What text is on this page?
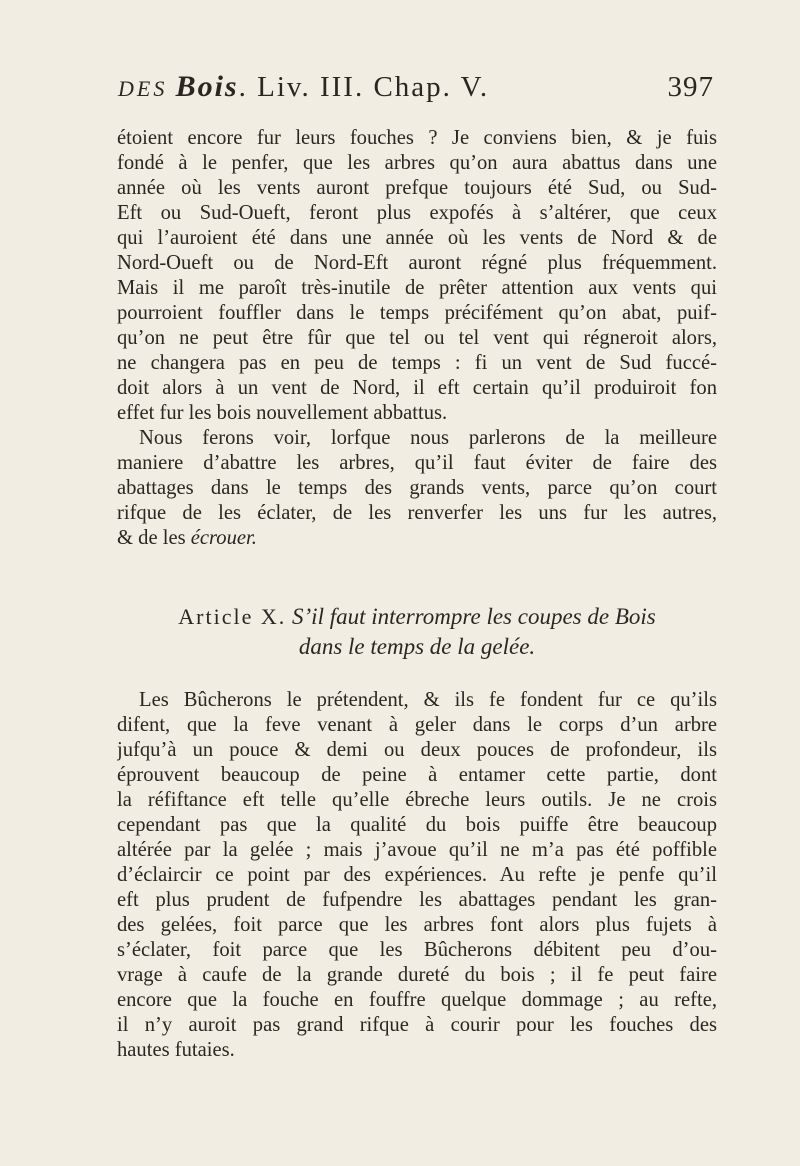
DES Bois. Liv. III. Chap. V.	397
étoient encore fur leurs fouches ? Je conviens bien, & je fuis
fondé à le penfer, que les arbres qu’on aura abattus dans une
année où les vents auront prefque toujours été Sud, ou Sud-
Eft ou Sud-Oueft, feront plus expofés à s’altérer, que ceux
qui l’auroient été dans une année où les vents de Nord & de
Nord-Oueft ou de Nord-Eft auront régné plus fréquemment.
Mais il me paroît très-inutile de prêter attention aux vents qui
pourroient fouffler dans le temps précifément qu’on abat, puif-
qu’on ne peut être fûr que tel ou tel vent qui régneroit alors,
ne changera pas en peu de temps : fi un vent de Sud fuccé-
doit alors à un vent de Nord, il eft certain qu’il produiroit fon
effet fur les bois nouvellement abbattus.
Nous ferons voir, lorfque nous parlerons de la meilleure
maniere d’abattre les arbres, qu’il faut éviter de faire des
abattages dans le temps des grands vents, parce qu’on court
rifque de les éclater, de les renverfer les uns fur les autres,
& de les écrouer.
Article X. S’il faut interrompre les coupes de Bois
dans le temps de la gelée.
Les Bûcherons le prétendent, & ils fe fondent fur ce qu’ils
difent, que la feve venant à geler dans le corps d’un arbre
jufqu’à un pouce & demi ou deux pouces de profondeur, ils
éprouvent beaucoup de peine à entamer cette partie, dont
la réfiftance eft telle qu’elle ébreche leurs outils. Je ne crois
cependant pas que la qualité du bois puiffe être beaucoup
altérée par la gelée ; mais j’avoue qu’il ne m’a pas été poffible
d’éclaircir ce point par des expériences. Au refte je penfe qu’il
eft plus prudent de fufpendre les abattages pendant les gran-
des gelées, foit parce que les arbres font alors plus fujets à
s’éclater, foit parce que les Bûcherons débitent peu d’ou-
vrage à caufe de la grande dureté du bois ; il fe peut faire
encore que la fouche en fouffre quelque dommage ; au refte,
il n’y auroit pas grand rifque à courir pour les fouches des
hautes futaies.
